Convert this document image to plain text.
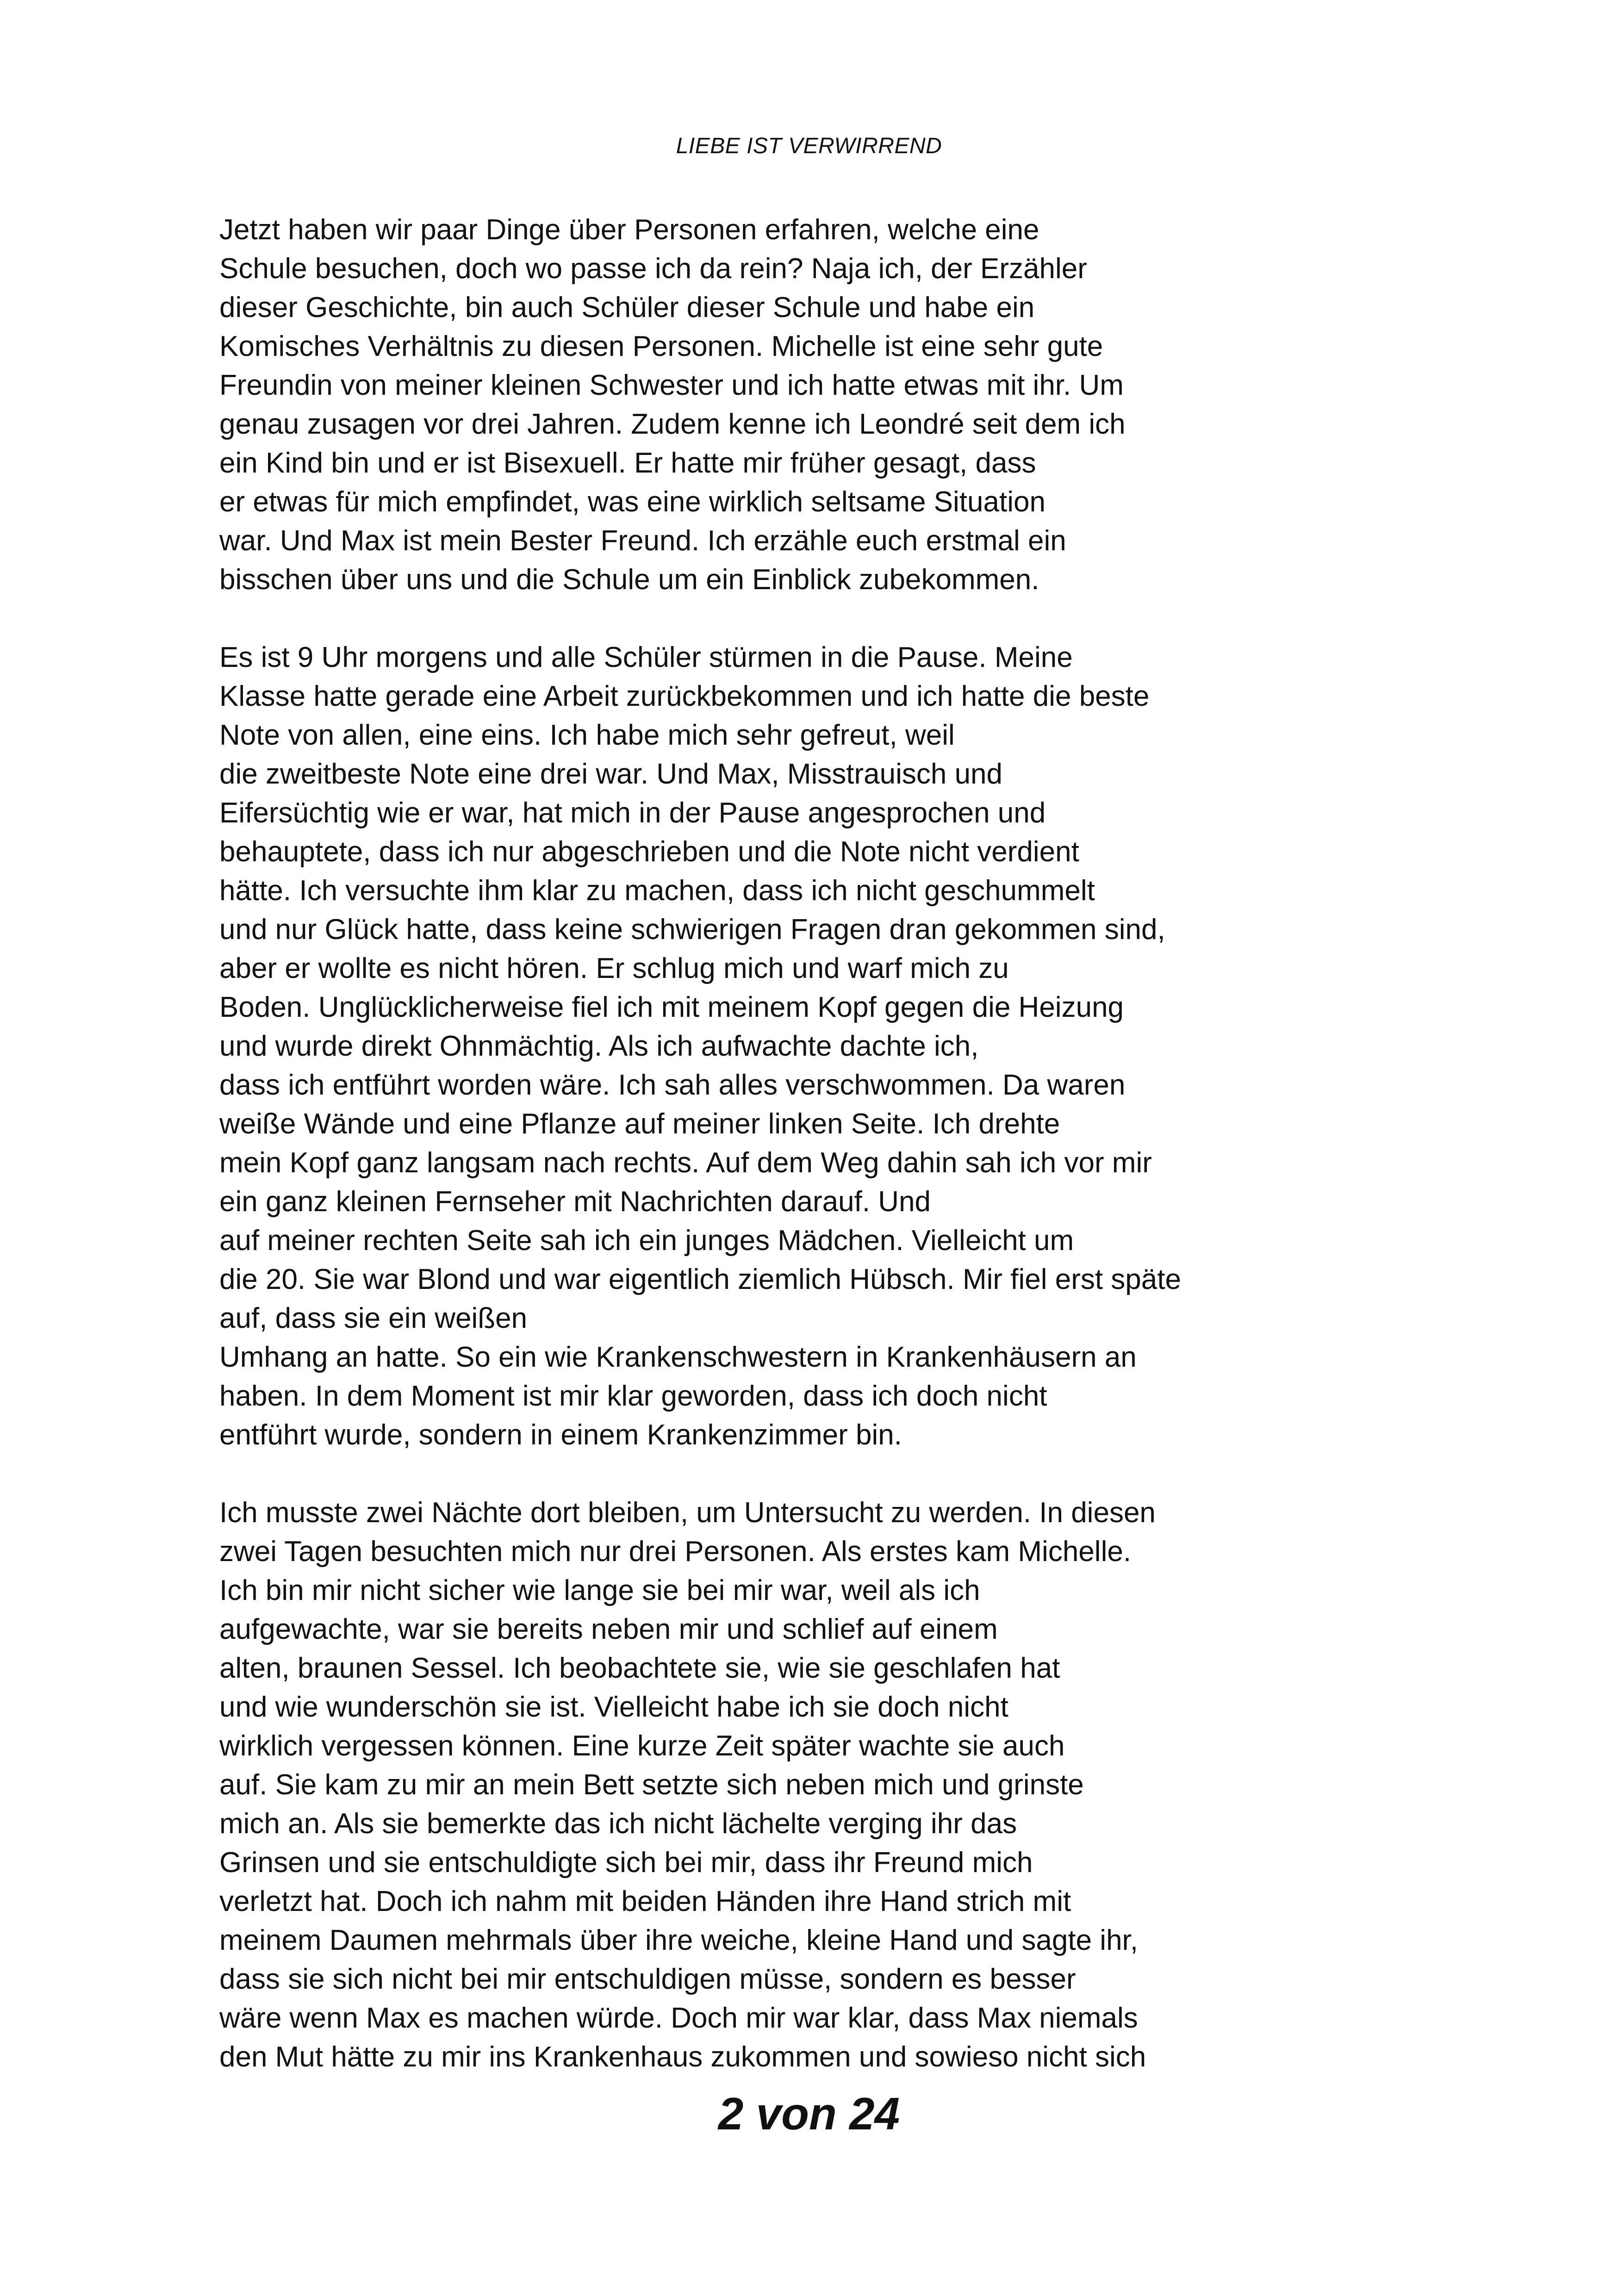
LIEBE IST VERWIRREND
Jetzt haben wir paar Dinge über Personen erfahren, welche eine
Schule besuchen, doch wo passe ich da rein? Naja ich, der Erzähler
dieser Geschichte, bin auch Schüler dieser Schule und habe ein
Komisches Verhältnis zu diesen Personen. Michelle ist eine sehr gute
Freundin von meiner kleinen Schwester und ich hatte etwas mit ihr. Um
genau zusagen vor drei Jahren. Zudem kenne ich Leondré seit dem ich
ein Kind bin und er ist Bisexuell. Er hatte mir früher gesagt, dass
er etwas für mich empfindet, was eine wirklich seltsame Situation
war. Und Max ist mein Bester Freund. Ich erzähle euch erstmal ein
bisschen über uns und die Schule um ein Einblick zubekommen.
Es ist 9 Uhr morgens und alle Schüler stürmen in die Pause. Meine
Klasse hatte gerade eine Arbeit zurückbekommen und ich hatte die beste
Note von allen, eine eins. Ich habe mich sehr gefreut, weil
die zweitbeste Note eine drei war. Und Max, Misstrauisch und
Eifersüchtig wie er war, hat mich in der Pause angesprochen und
behauptete, dass ich nur abgeschrieben und die Note nicht verdient
hätte. Ich versuchte ihm klar zu machen, dass ich nicht geschummelt
und nur Glück hatte, dass keine schwierigen Fragen dran gekommen sind,
aber er wollte es nicht hören. Er schlug mich und warf mich zu
Boden. Unglücklicherweise fiel ich mit meinem Kopf gegen die Heizung
und wurde direkt Ohnmächtig. Als ich aufwachte dachte ich,
dass ich entführt worden wäre. Ich sah alles verschwommen. Da waren
weiße Wände und eine Pflanze auf meiner linken Seite. Ich drehte
mein Kopf ganz langsam nach rechts. Auf dem Weg dahin sah ich vor mir
ein ganz kleinen Fernseher mit Nachrichten darauf. Und
auf meiner rechten Seite sah ich ein junges Mädchen. Vielleicht um
die 20. Sie war Blond und war eigentlich ziemlich Hübsch. Mir fiel erst späte
auf, dass sie ein weißen
Umhang an hatte. So ein wie Krankenschwestern in Krankenhäusern an
haben. In dem Moment ist mir klar geworden, dass ich doch nicht
entführt wurde, sondern in einem Krankenzimmer bin.
Ich musste zwei Nächte dort bleiben, um Untersucht zu werden. In diesen
zwei Tagen besuchten mich nur drei Personen. Als erstes kam Michelle.
Ich bin mir nicht sicher wie lange sie bei mir war, weil als ich
aufgewachte, war sie bereits neben mir und schlief auf einem
alten, braunen Sessel. Ich beobachtete sie, wie sie geschlafen hat
und wie wunderschön sie ist. Vielleicht habe ich sie doch nicht
wirklich vergessen können. Eine kurze Zeit später wachte sie auch
auf. Sie kam zu mir an mein Bett setzte sich neben mich und grinste
mich an. Als sie bemerkte das ich nicht lächelte verging ihr das
Grinsen und sie entschuldigte sich bei mir, dass ihr Freund mich
verletzt hat. Doch ich nahm mit beiden Händen ihre Hand strich mit
meinem Daumen mehrmals über ihre weiche, kleine Hand und sagte ihr,
dass sie sich nicht bei mir entschuldigen müsse, sondern es besser
wäre wenn Max es machen würde. Doch mir war klar, dass Max niemals
den Mut hätte zu mir ins Krankenhaus zukommen und sowieso nicht sich
2 von 24
